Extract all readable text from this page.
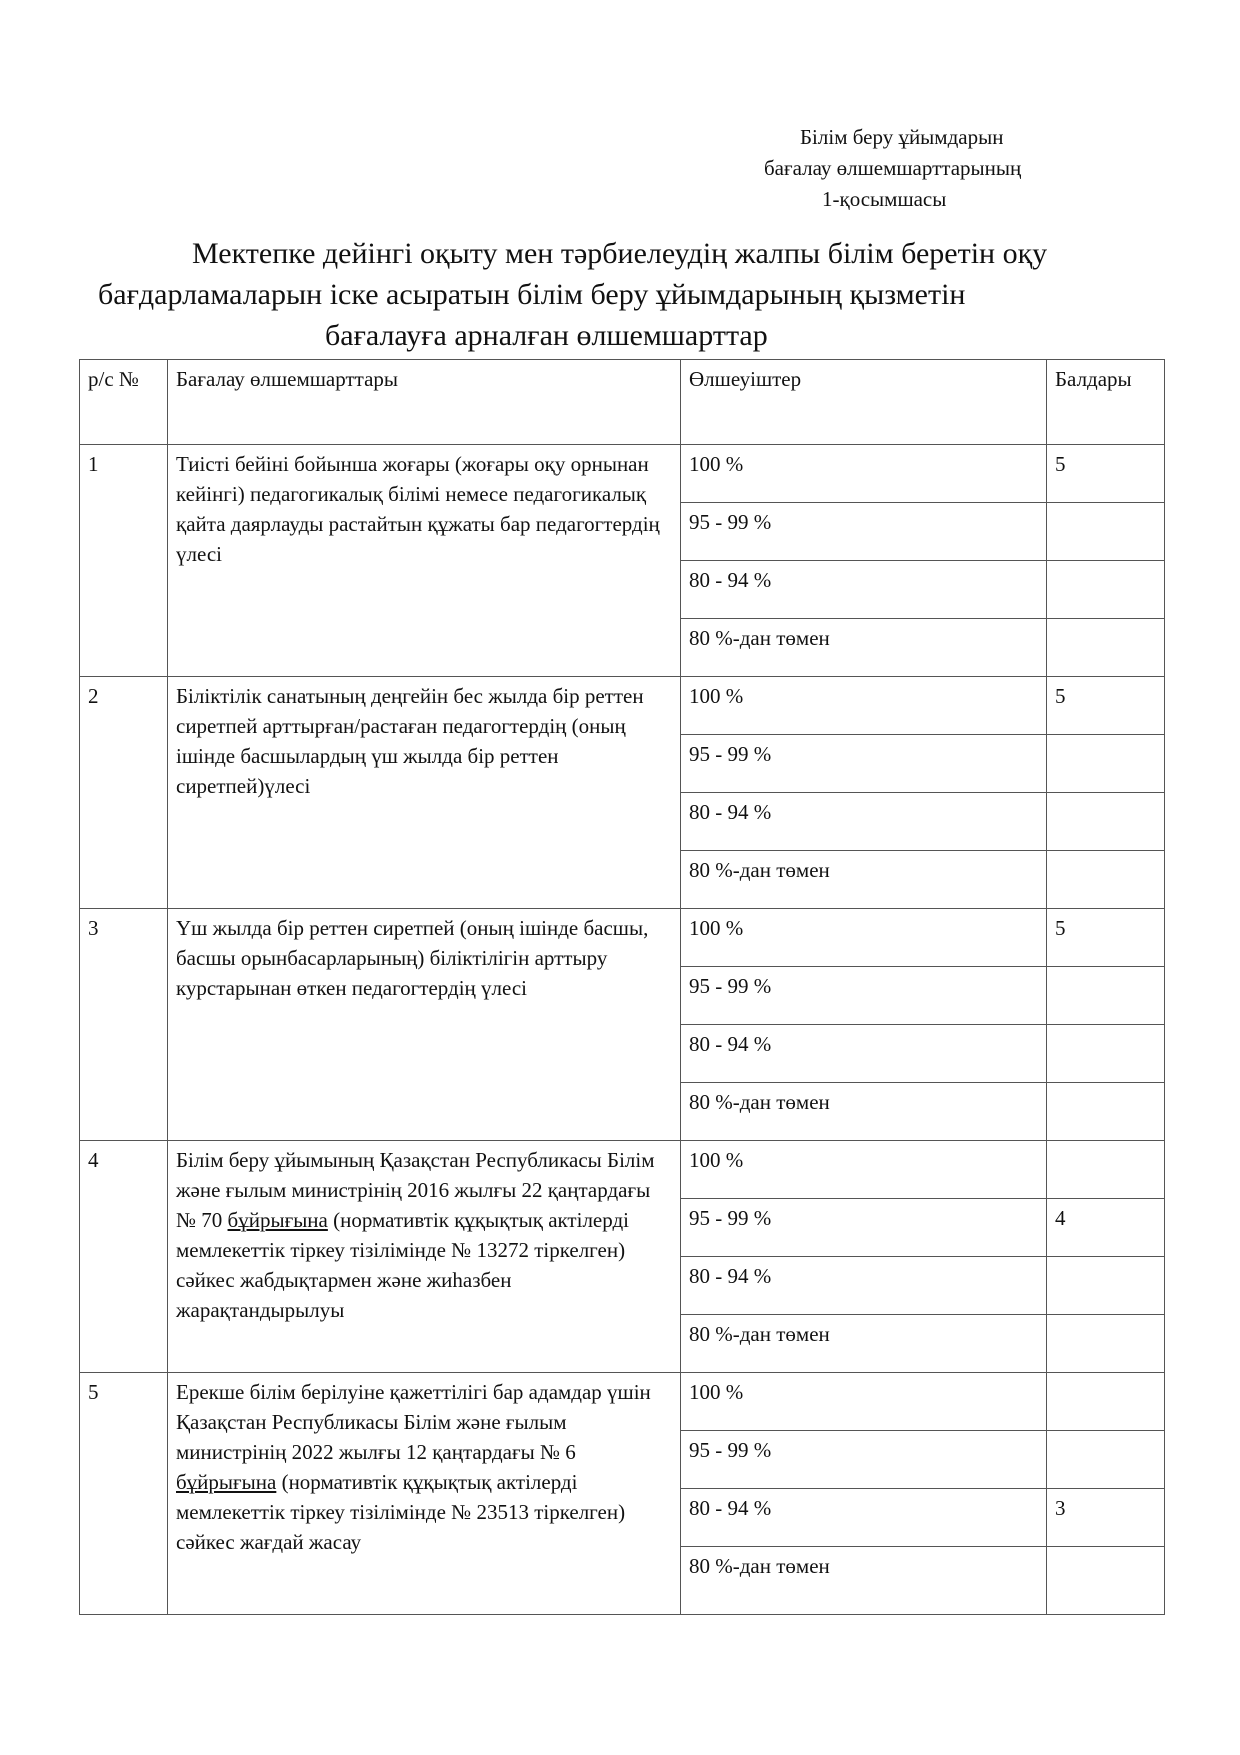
Білім беру ұйымдарын
бағалау өлшемшарттарының
1-қосымшасы
Мектепке дейінгі оқыту мен тәрбиелеудің жалпы білім беретін оқу
бағдарламаларын іске асыратын білім беру ұйымдарының қызметін
бағалауға арналған өлшемшарттар
р/с №	Бағалау өлшемшарттары	Өлшеуіштер	Балдары
1	Тиісті бейіні бойынша жоғары (жоғары оқу орнынан кейінгі) педагогикалық білімі немесе педагогикалық қайта даярлауды растайтын құжаты бар педагогтердің үлесі	100 %	5
		95 - 99 %	
		80 - 94 %	
		80 %-дан төмен	
2	Біліктілік санатының деңгейін бес жылда бір реттен сиретпей арттырған/растаған педагогтердің (оның ішінде басшылардың үш жылда бір реттен сиретпей)үлесі	100 %	5
		95 - 99 %	
		80 - 94 %	
		80 %-дан төмен	
3	Үш жылда бір реттен сиретпей (оның ішінде басшы, басшы орынбасарларының) біліктілігін арттыру курстарынан өткен педагогтердің үлесі	100 %	5
		95 - 99 %	
		80 - 94 %	
		80 %-дан төмен	
4	Білім беру ұйымының Қазақстан Республикасы Білім және ғылым министрінің 2016 жылғы 22 қаңтардағы № 70 бұйрығына (нормативтік құқықтық актілерді мемлекеттік тіркеу тізілімінде № 13272 тіркелген) сәйкес жабдықтармен және жиһазбен жарақтандырылуы	100 %	
		95 - 99 %	4
		80 - 94 %	
		80 %-дан төмен	
5	Ерекше білім берілуіне қажеттілігі бар адамдар үшін Қазақстан Республикасы Білім және ғылым министрінің 2022 жылғы 12 қаңтардағы № 6 бұйрығына (нормативтік құқықтық актілерді мемлекеттік тіркеу тізілімінде № 23513 тіркелген) сәйкес жағдай жасау	100 %	
		95 - 99 %	
		80 - 94 %	3
		80 %-дан төмен	
